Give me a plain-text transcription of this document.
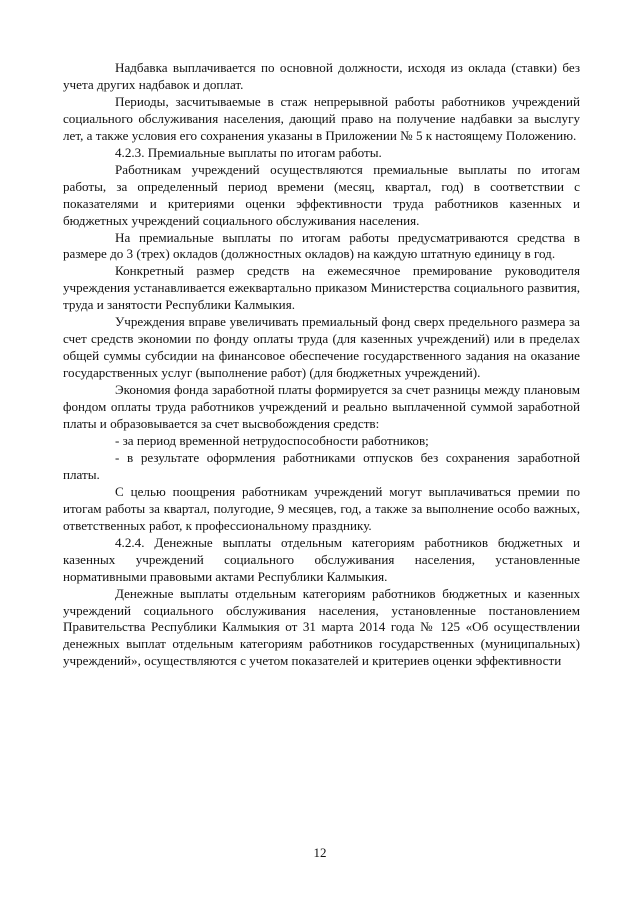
Надбавка выплачивается по основной должности, исходя из оклада (ставки) без учета других надбавок и доплат.

Периоды, засчитываемые в стаж непрерывной работы работников учреждений социального обслуживания населения, дающий право на получение надбавки за выслугу лет, а также условия его сохранения указаны в Приложении № 5 к настоящему Положению.

4.2.3. Премиальные выплаты по итогам работы.

Работникам учреждений осуществляются премиальные выплаты по итогам работы, за определенный период времени (месяц, квартал, год) в соответствии с показателями и критериями оценки эффективности труда работников казенных и бюджетных учреждений социального обслуживания населения.

На премиальные выплаты по итогам работы предусматриваются средства в размере до 3 (трех) окладов (должностных окладов) на каждую штатную единицу в год.

Конкретный размер средств на ежемесячное премирование руководителя учреждения устанавливается ежеквартально приказом Министерства социального развития, труда и занятости Республики Калмыкия.

Учреждения вправе увеличивать премиальный фонд сверх предельного размера за счет средств экономии по фонду оплаты труда (для казенных учреждений) или в пределах общей суммы субсидии на финансовое обеспечение государственного задания на оказание государственных услуг (выполнение работ) (для бюджетных учреждений).

Экономия фонда заработной платы формируется за счет разницы между плановым фондом оплаты труда работников учреждений и реально выплаченной суммой заработной платы и образовывается за счет высвобождения средств:

- за период временной нетрудоспособности работников;

- в результате оформления работниками отпусков без сохранения заработной платы.

С целью поощрения работникам учреждений могут выплачиваться премии по итогам работы за квартал, полугодие, 9 месяцев, год, а также за выполнение особо важных, ответственных работ, к профессиональному празднику.

4.2.4. Денежные выплаты отдельным категориям работников бюджетных и казенных учреждений социального обслуживания населения, установленные нормативными правовыми актами Республики Калмыкия.

Денежные выплаты отдельным категориям работников бюджетных и казенных учреждений социального обслуживания населения, установленные постановлением Правительства Республики Калмыкия от 31 марта 2014 года № 125 «Об осуществлении денежных выплат отдельным категориям работников государственных (муниципальных) учреждений», осуществляются с учетом показателей и критериев оценки эффективности

12
